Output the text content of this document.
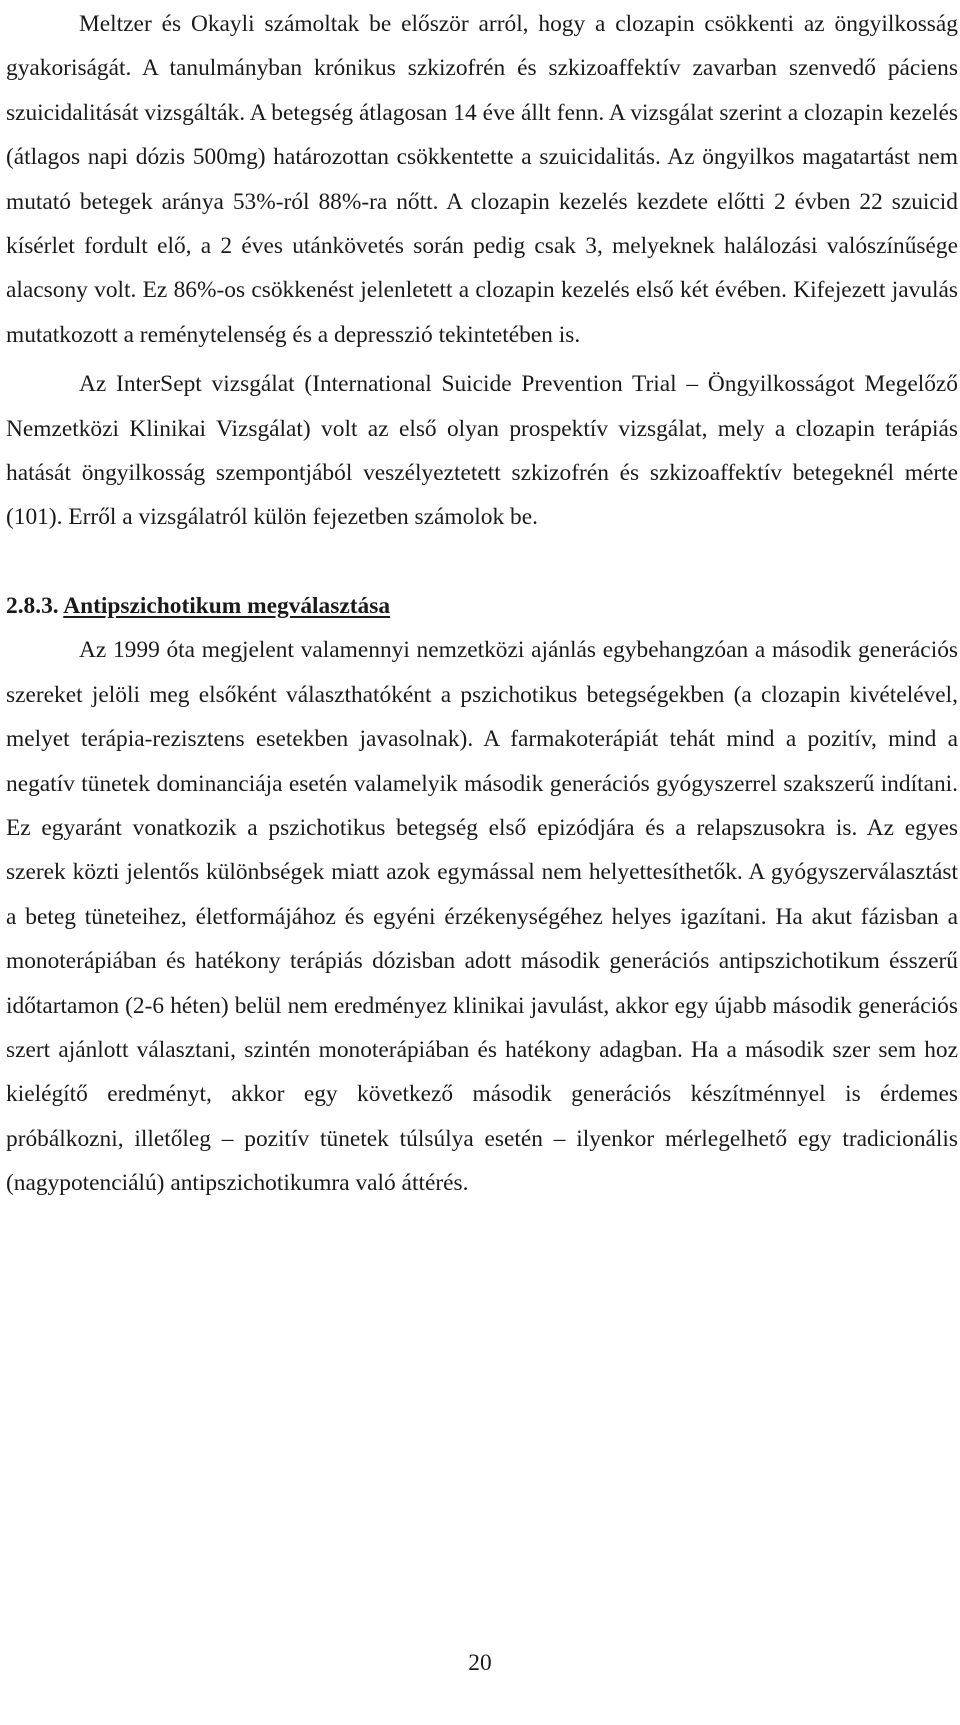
Meltzer és Okayli számoltak be először arról, hogy a clozapin csökkenti az öngyilkosság gyakoriságát. A tanulmányban krónikus szkizofrén és szkizoaffektív zavarban szenvedő páciens szuicidalitását vizsgálták. A betegség átlagosan 14 éve állt fenn. A vizsgálat szerint a clozapin kezelés (átlagos napi dózis 500mg) határozottan csökkentette a szuicidalitás. Az öngyilkos magatartást nem mutató betegek aránya 53%-ról 88%-ra nőtt. A clozapin kezelés kezdete előtti 2 évben 22 szuicid kísérlet fordult elő, a 2 éves utánkövetés során pedig csak 3, melyeknek halálozási valószínűsége alacsony volt. Ez 86%-os csökkenést jelenletett a clozapin kezelés első két évében. Kifejezett javulás mutatkozott a reménytelenség és a depresszió tekintetében is.

Az InterSept vizsgálat (International Suicide Prevention Trial – Öngyilkosságot Megelőző Nemzetközi Klinikai Vizsgálat) volt az első olyan prospektív vizsgálat, mely a clozapin terápiás hatását öngyilkosság szempontjából veszélyeztetett szkizofrén és szkizoaffektív betegeknél mérte (101). Erről a vizsgálatról külön fejezetben számolok be.

2.8.3. Antipszichotikum megválasztása

Az 1999 óta megjelent valamennyi nemzetközi ajánlás egybehangzóan a második generációs szereket jelöli meg elsőként választhatóként a pszichotikus betegségekben (a clozapin kivételével, melyet terápia-rezisztens esetekben javasolnak). A farmakoterápiát tehát mind a pozitív, mind a negatív tünetek dominanciája esetén valamelyik második generációs gyógyszerrel szakszerű indítani. Ez egyaránt vonatkozik a pszichotikus betegség első epizódjára és a relapszusokra is. Az egyes szerek közti jelentős különbségek miatt azok egymással nem helyettesíthetők. A gyógyszerválasztást a beteg tüneteihez, életformájához és egyéni érzékenységéhez helyes igazítani. Ha akut fázisban a monoterápiában és hatékony terápiás dózisban adott második generációs antipszichotikum ésszerű időtartamon (2-6 héten) belül nem eredményez klinikai javulást, akkor egy újabb második generációs szert ajánlott választani, szintén monoterápiában és hatékony adagban. Ha a második szer sem hoz kielégítő eredményt, akkor egy következő második generációs készítménnyel is érdemes próbálkozni, illetőleg – pozitív tünetek túlsúlya esetén – ilyenkor mérlegelhető egy tradicionális (nagypotenciálú) antipszichotikumra való áttérés.

20
